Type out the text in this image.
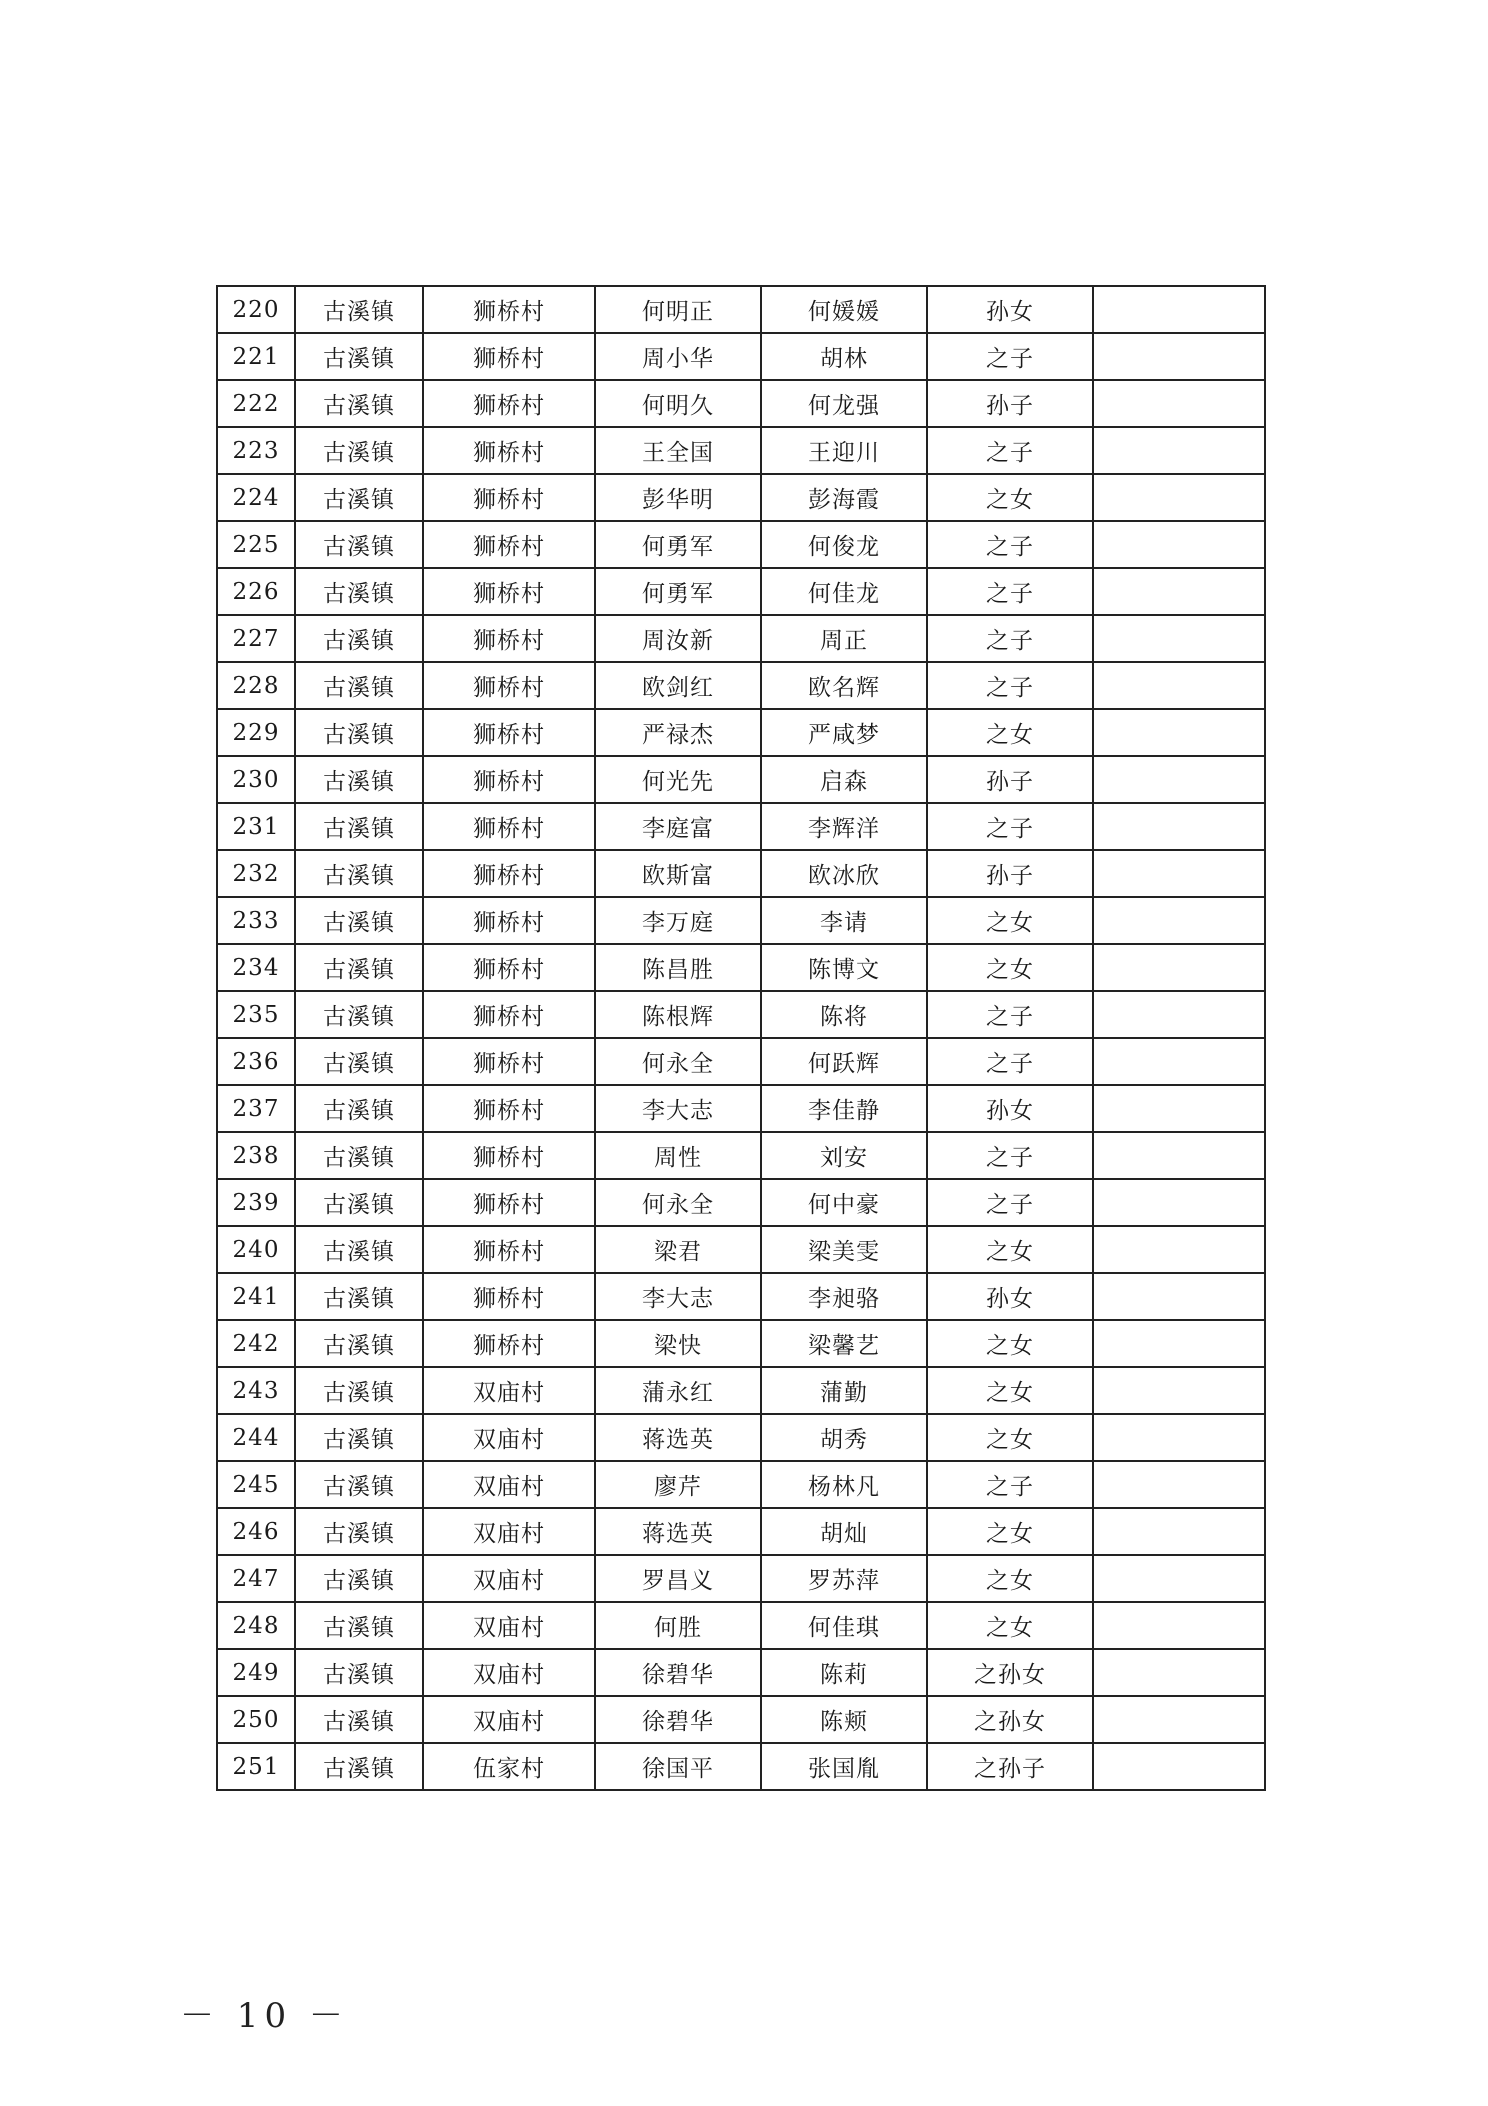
220	古溪镇	狮桥村	何明正	何媛媛	孙女	
221	古溪镇	狮桥村	周小华	胡林	之子	
222	古溪镇	狮桥村	何明久	何龙强	孙子	
223	古溪镇	狮桥村	王全国	王迎川	之子	
224	古溪镇	狮桥村	彭华明	彭海霞	之女	
225	古溪镇	狮桥村	何勇军	何俊龙	之子	
226	古溪镇	狮桥村	何勇军	何佳龙	之子	
227	古溪镇	狮桥村	周汝新	周正	之子	
228	古溪镇	狮桥村	欧剑红	欧名辉	之子	
229	古溪镇	狮桥村	严禄杰	严咸梦	之女	
230	古溪镇	狮桥村	何光先	启森	孙子	
231	古溪镇	狮桥村	李庭富	李辉洋	之子	
232	古溪镇	狮桥村	欧斯富	欧冰欣	孙子	
233	古溪镇	狮桥村	李万庭	李请	之女	
234	古溪镇	狮桥村	陈昌胜	陈博文	之女	
235	古溪镇	狮桥村	陈根辉	陈将	之子	
236	古溪镇	狮桥村	何永全	何跃辉	之子	
237	古溪镇	狮桥村	李大志	李佳静	孙女	
238	古溪镇	狮桥村	周性	刘安	之子	
239	古溪镇	狮桥村	何永全	何中豪	之子	
240	古溪镇	狮桥村	梁君	梁美雯	之女	
241	古溪镇	狮桥村	李大志	李昶骆	孙女	
242	古溪镇	狮桥村	梁快	梁馨艺	之女	
243	古溪镇	双庙村	蒲永红	蒲勤	之女	
244	古溪镇	双庙村	蒋选英	胡秀	之女	
245	古溪镇	双庙村	廖芹	杨林凡	之子	
246	古溪镇	双庙村	蒋选英	胡灿	之女	
247	古溪镇	双庙村	罗昌义	罗苏萍	之女	
248	古溪镇	双庙村	何胜	何佳琪	之女	
249	古溪镇	双庙村	徐碧华	陈莉	之孙女	
250	古溪镇	双庙村	徐碧华	陈颊	之孙女	
251	古溪镇	伍家村	徐国平	张国胤	之孙子	
－ 10 －
